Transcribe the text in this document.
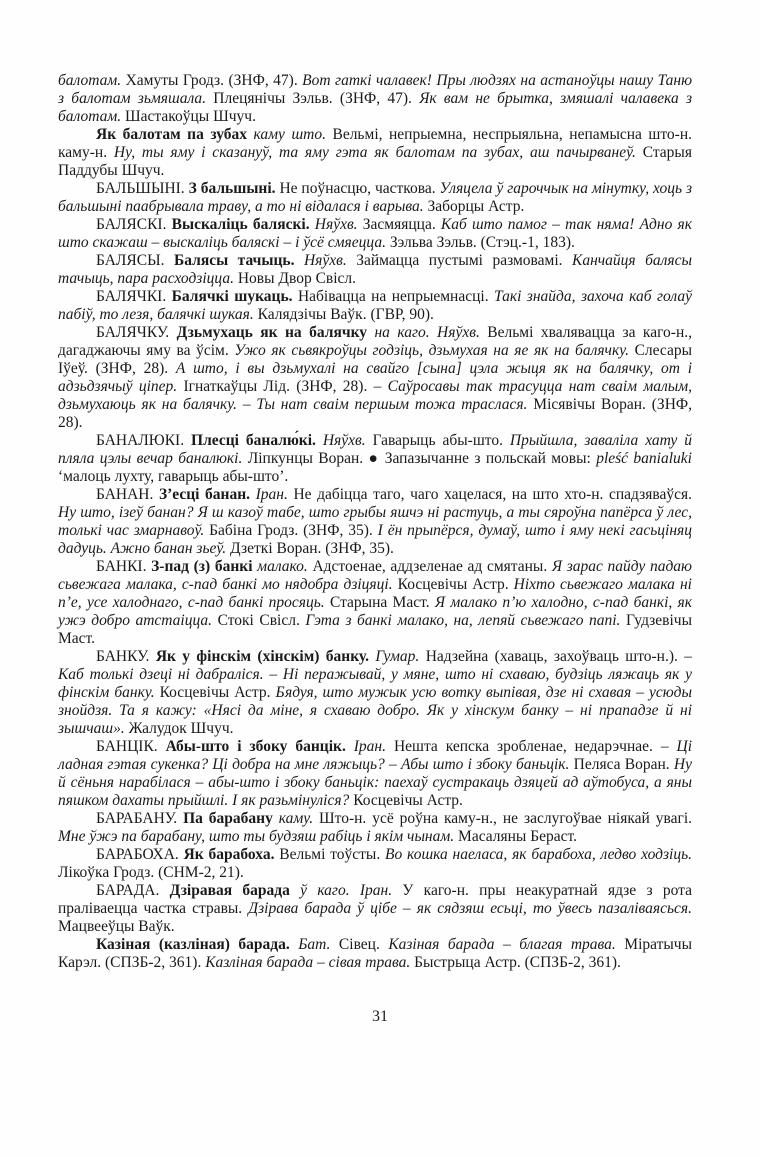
балотам. Хамуты Гродз. (ЗНФ, 47). Вот гаткі чалавек! Пры людзях на астаноўцы нашу Таню з балотам зьмяшала. Плецянічы Зэльв. (ЗНФ, 47). Як вам не брытка, змяшалі чалавека з балотам. Шастакоўцы Шчуч.

Як балотам па зубах каму што. Вельмі, непрыемна, неспрыяльна, непамысна што-н. каму-н. Ну, ты яму і сказануў, та яму гэта як балотам па зубах, аш пачырванеў. Старыя Паддубы Шчуч.

БАЛЬШЫНІ. З бальшыні. Не поўнасцю, часткова. Уляцела ў гароччык на мінутку, хоць з бальшыні паабрывала траву, а то ні відалася і варыва. Заборцы Астр.

БАЛЯСКІ. Выскаліць баляскі. Няўхв. Засмяяцца. Каб што памог – так няма! Адно як што скажаш – выскаліць баляскі – і ўсё смяецца. Зэльва Зэльв. (Стэц.-1, 183).

БАЛЯСЫ. Балясы тачыць. Няўхв. Займацца пустымі размовамі. Канчайця балясы тачыць, пара расходзіцца. Новы Двор Свісл.

БАЛЯЧКІ. Балячкі шукаць. Набівацца на непрыемнасці. Такі знайда, захоча каб голаў пабіў, то лезя, балячкі шукая. Калядзічы Ваўк. (ГВР, 90).

БАЛЯЧКУ. Дзьмухаць як на балячку на каго. Няўхв. Вельмі хвалявацца за каго-н., дагаджаючы яму ва ўсім. Ужо як сьвякроўцы годзіць, дзьмухая на яе як на балячку. Слесары Іўеў. (ЗНФ, 28). А што, і вы дзьмухалі на свайго [сына] цэла жыця як на балячку, от і адзьдзячыў ціпер. Ігнаткаўцы Лід. (ЗНФ, 28). – Саўросавы так трасуцца нат сваім малым, дзьмухаюць як на балячку. – Ты нат сваім першым тожа траслася. Місявічы Воран. (ЗНФ, 28).

БАНАЛЮКІ. Плесці баналю́кі. Няўхв. Гаварыць абы-што. Прыйшла, заваліла хату й пляла цэлы вечар баналюкі. Ліпкунцы Воран. ● Запазычанне з польскай мовы: pleść banialuki ‘малоць лухту, гаварыць абы-што’.

БАНАН. З’есці банан. Іран. Не дабіцца таго, чаго хацелася, на што хто-н. спадзяваўся. Ну што, ізеў банан? Я ш казоў табе, што грыбы яшчэ ні растуць, а ты сяроўна папёрса ў лес, толькі час змарнавоў. Бабіна Гродз. (ЗНФ, 35). І ён прыпёрся, думаў, што і яму некі гасьціняц дадуць. Ажно банан зьеў. Дзеткі Воран. (ЗНФ, 35).

БАНКІ. З-пад (з) банкі малако. Адстоенае, аддзеленае ад смятаны. Я зарас пайду падаю сьвежага малака, с-пад банкі мо нядобра дзіцяці. Косцевічы Астр. Ніхто сьвежаго малака ні п’е, усе халоднаго, с-пад банкі просяць. Старына Маст. Я малако п’ю халодно, с-пад банкі, як ужэ добро атстаіцца. Стокі Свісл. Гэта з банкі малако, на, лепяй сьвежаго папі. Гудзевічы Маст.

БАНКУ. Як у фінскім (хінскім) банку. Гумар. Надзейна (хаваць, захоўваць што-н.). – Каб толькі дзеці ні дабраліся. – Ні перажывай, у мяне, што ні схаваю, будзіць ляжаць як у фінскім банку. Косцевічы Астр. Бядуя, што мужык усю вотку выпівая, дзе ні схавая – усюды знойдзя. Та я кажу: «Нясі да міне, я схаваю добро. Як у хінскум банку – ні прападзе й ні зышчаш». Жалудок Шчуч.

БАНЦІК. Абы-што і збоку банцік. Іран. Нешта кепска зробленае, недарэчнае. – Ці ладная гэтая сукенка? Ці добра на мне ляжыць? – Абы што і збоку баньцік. Пеляса Воран. Ну й сёньня нарабілася – абы-што і збоку баньцік: паехаў сустракаць дзяцей ад аўтобуса, а яны пяшком дахаты прыйшлі. І як разьмінуліся? Косцевічы Астр.

БАРАБАНУ. Па барабану каму. Што-н. усё роўна каму-н., не заслугоўвае ніякай увагі. Мне ўжэ па барабану, што ты будзяш рабіць і якім чынам. Масаляны Бераст.

БАРАБОХА. Як барабоха. Вельмі тоўсты. Во кошка наеласа, як барабоха, ледво ходзіць. Лікоўка Гродз. (СНМ-2, 21).

БАРАДА. Дзіравая барада ў каго. Іран. У каго-н. пры неакуратнай ядзе з рота праліваецца частка стравы. Дзірава барада ў цібе – як сядзяш есьці, то ўвесь пазаліваясься. Мацвееўцы Ваўк.

Казіная (казліная) барада. Бат. Сівец. Казіная барада – благая трава. Міратычы Карэл. (СПЗБ-2, 361). Казліная барада – сівая трава. Быстрыца Астр. (СПЗБ-2, 361).

31
